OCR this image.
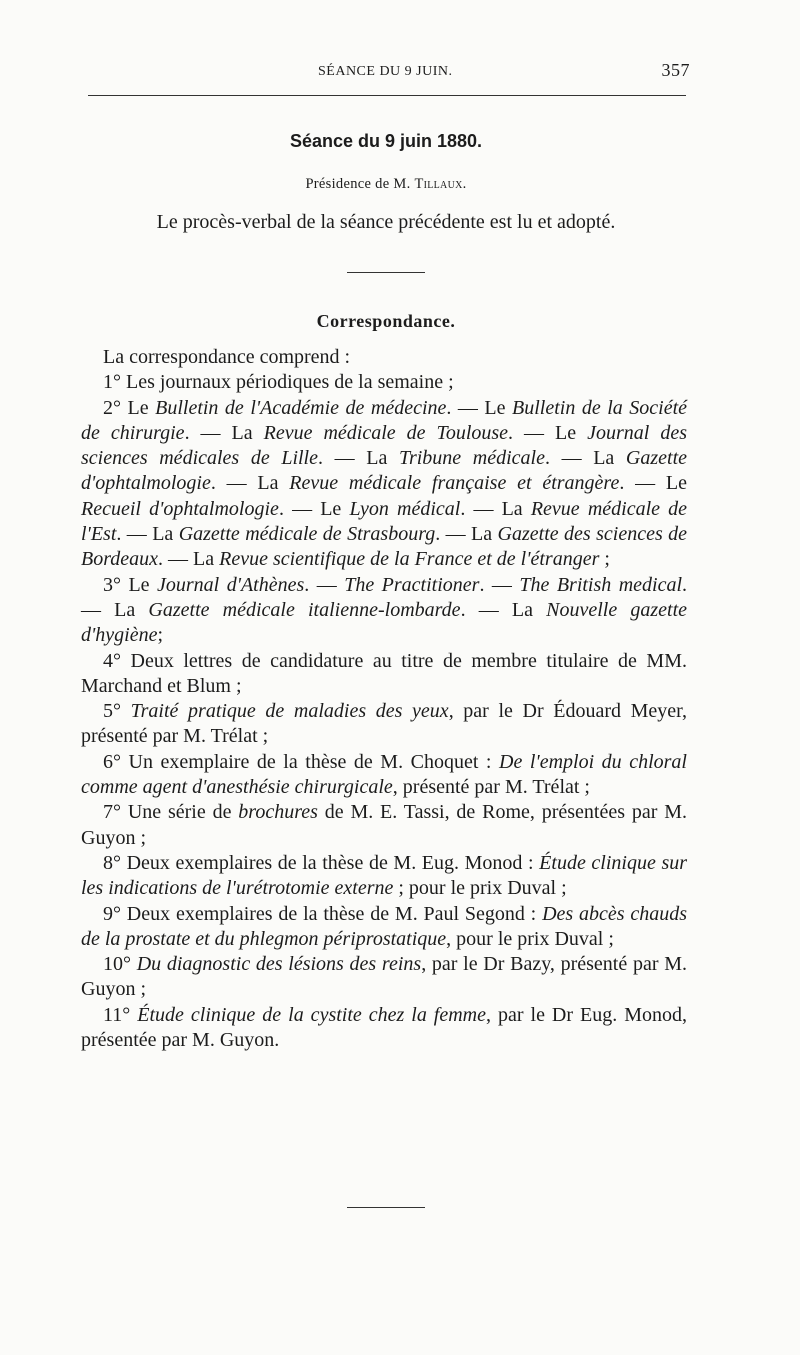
SÉANCE DU 9 JUIN.	357
Séance du 9 juin 1880.
Présidence de M. Tillaux.
Le procès-verbal de la séance précédente est lu et adopté.
Correspondance.

La correspondance comprend :

1° Les journaux périodiques de la semaine ;

2° Le Bulletin de l'Académie de médecine. — Le Bulletin de la Société de chirurgie. — La Revue médicale de Toulouse. — Le Journal des sciences médicales de Lille. — La Tribune médicale. — La Gazette d'ophtalmologie. — La Revue médicale française et étrangère. — Le Recueil d'ophtalmologie. — Le Lyon médical. — La Revue médicale de l'Est. — La Gazette médicale de Strasbourg. — La Gazette des sciences de Bordeaux. — La Revue scientifique de la France et de l'étranger ;

3° Le Journal d'Athènes. — The Practitioner. — The British medical. — La Gazette médicale italienne-lombarde. — La Nouvelle gazette d'hygiène;

4° Deux lettres de candidature au titre de membre titulaire de MM. Marchand et Blum ;

5° Traité pratique de maladies des yeux, par le Dr Édouard Meyer, présenté par M. Trélat ;

6° Un exemplaire de la thèse de M. Choquet : De l'emploi du chloral comme agent d'anesthésie chirurgicale, présenté par M. Trélat ;

7° Une série de brochures de M. E. Tassi, de Rome, présentées par M. Guyon ;

8° Deux exemplaires de la thèse de M. Eug. Monod : Étude clinique sur les indications de l'urétrotomie externe ; pour le prix Duval ;

9° Deux exemplaires de la thèse de M. Paul Segond : Des abcès chauds de la prostate et du phlegmon périprostatique, pour le prix Duval ;

10° Du diagnostic des lésions des reins, par le Dr Bazy, présenté par M. Guyon ;

11° Étude clinique de la cystite chez la femme, par le Dr Eug. Monod, présentée par M. Guyon.
